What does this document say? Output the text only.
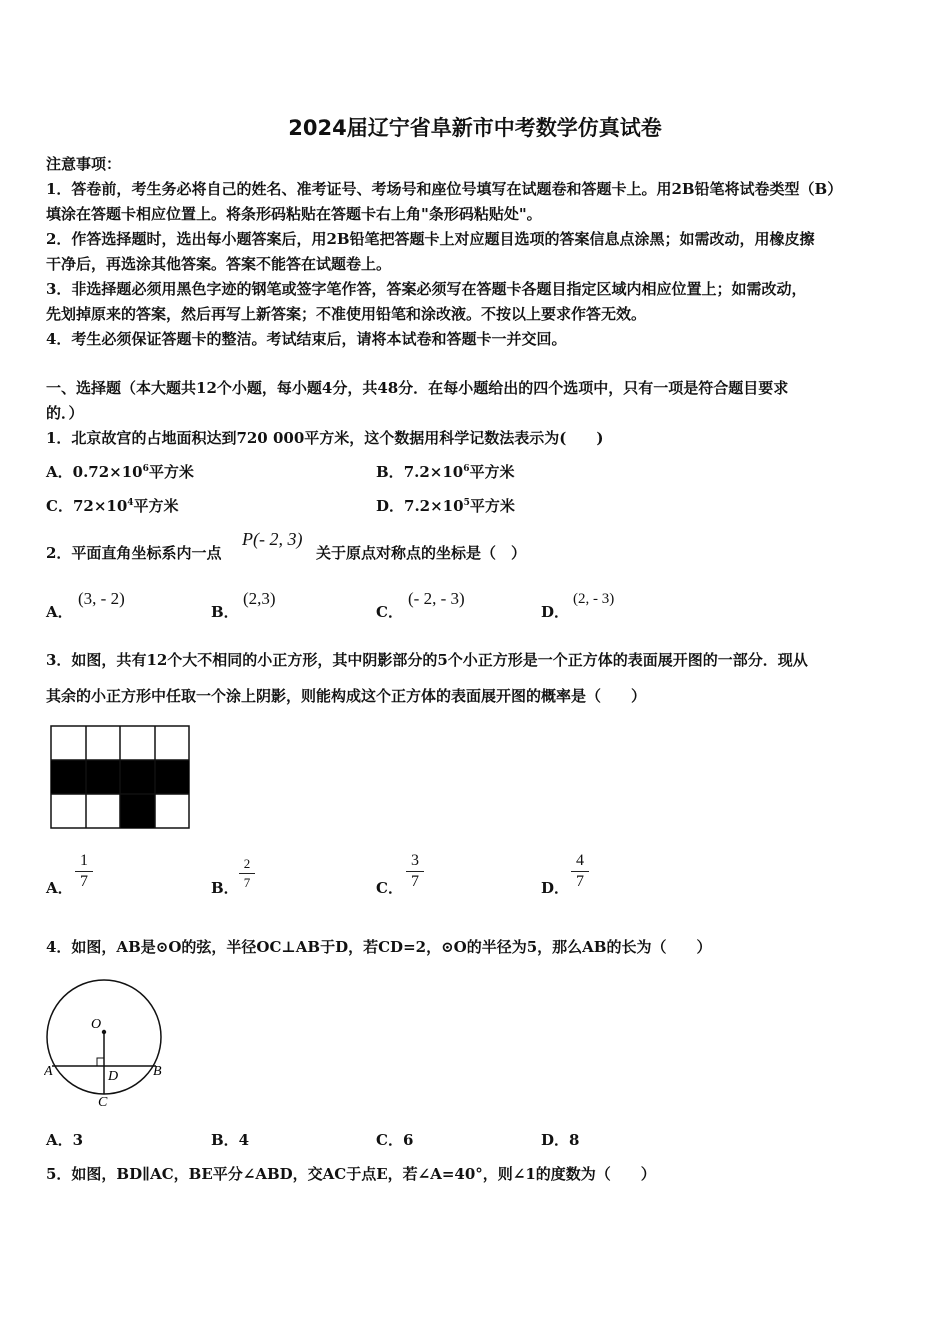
2024届辽宁省阜新市中考数学仿真试卷
注意事项：
1．答卷前，考生务必将自己的姓名、准考证号、考场号和座位号填写在试题卷和答题卡上。用2B铅笔将试卷类型（B）
填涂在答题卡相应位置上。将条形码粘贴在答题卡右上角"条形码粘贴处"。
2．作答选择题时，选出每小题答案后，用2B铅笔把答题卡上对应题目选项的答案信息点涂黑；如需改动，用橡皮擦
干净后，再选涂其他答案。答案不能答在试题卷上。
3．非选择题必须用黑色字迹的钢笔或签字笔作答，答案必须写在答题卡各题目指定区域内相应位置上；如需改动，
先划掉原来的答案，然后再写上新答案；不准使用铅笔和涂改液。不按以上要求作答无效。
4．考生必须保证答题卡的整洁。考试结束后，请将本试卷和答题卡一并交回。
一、选择题（本大题共12个小题，每小题4分，共48分．在每小题给出的四个选项中，只有一项是符合题目要求
的．）
1．北京故宫的占地面积达到720 000平方米，这个数据用科学记数法表示为(　　)
A．$0.72\times 10^6$平方米	B．$7.2\times 10^6$平方米
C．$72\times 10^4$平方米	D．$7.2\times 10^5$平方米
2．平面直角坐标系内一点
P(- 2, 3)
关于原点对称点的坐标是（　）
A．
(3, - 2)
B．
(2,3)
C．
(- 2, - 3)
D．
(2, - 3)
3．如图，共有12个大不相同的小正方形，其中阴影部分的5个小正方形是一个正方体的表面展开图的一部分．现从
其余的小正方形中任取一个涂上阴影，则能构成这个正方体的表面展开图的概率是（　　）
A．
1
7	B．
2
7	C．
3
7	D．
4
7
4．如图，AB是⊙O的弦，半径OC⊥AB于D，若CD=2，⊙O的半径为5，那么AB的长为（　　）
O
A	B
D
C
A．3	B．4	C．6	D．8
5．如图，BD∥AC，BE平分∠ABD，交AC于点E，若∠A=40°，则∠1的度数为（　　）
